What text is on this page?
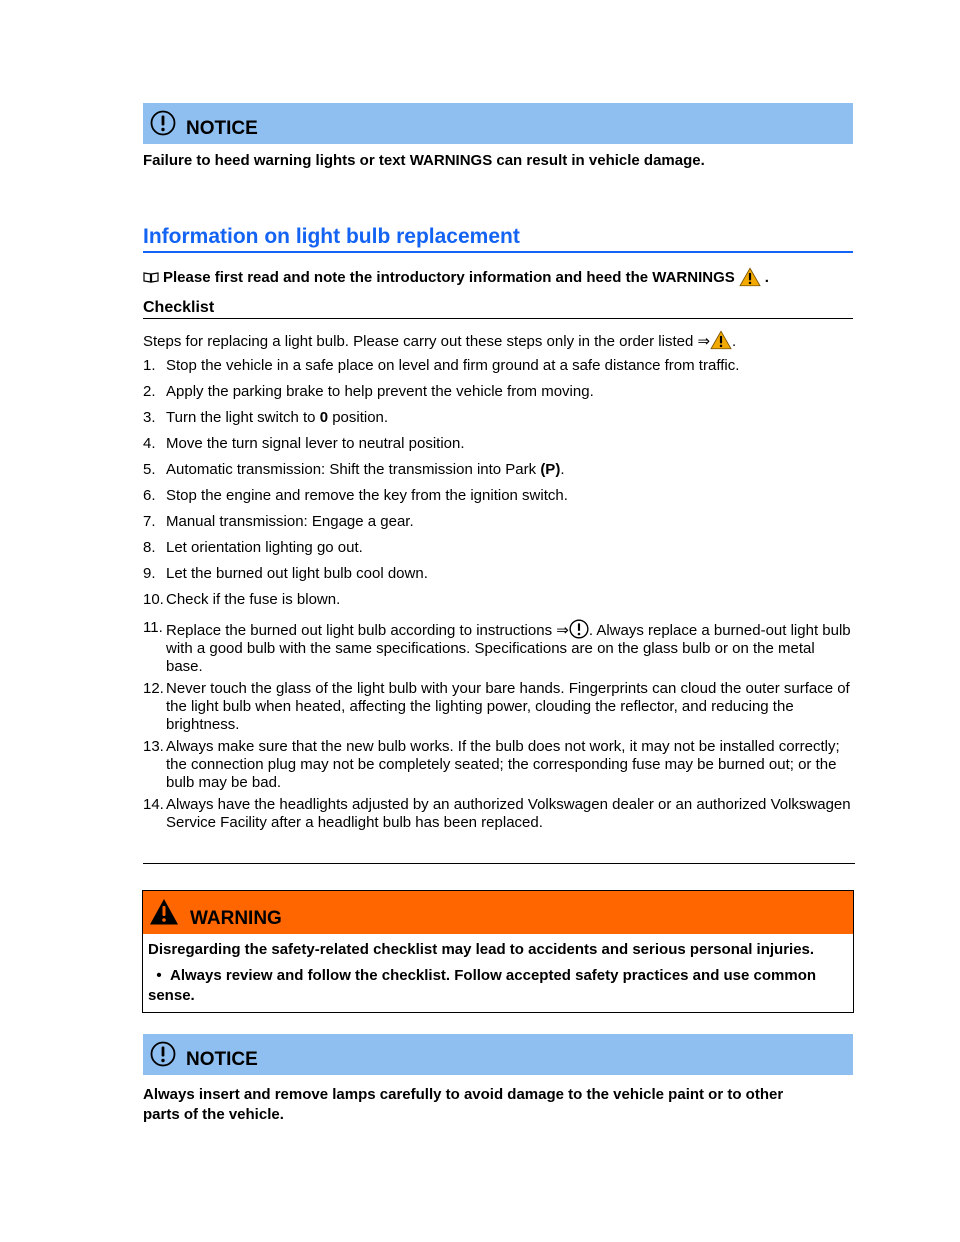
NOTICE
Failure to heed warning lights or text WARNINGS can result in vehicle damage.
Information on light bulb replacement
Please first read and note the introductory information and heed the WARNINGS .
Checklist
Steps for replacing a light bulb. Please carry out these steps only in the order listed ⇒ .
1. Stop the vehicle in a safe place on level and firm ground at a safe distance from traffic.
2. Apply the parking brake to help prevent the vehicle from moving.
3. Turn the light switch to 0 position.
4. Move the turn signal lever to neutral position.
5. Automatic transmission: Shift the transmission into Park (P).
6. Stop the engine and remove the key from the ignition switch.
7. Manual transmission: Engage a gear.
8. Let orientation lighting go out.
9. Let the burned out light bulb cool down.
10. Check if the fuse is blown.
11. Replace the burned out light bulb according to instructions ⇒ . Always replace a burned-out light bulb with a good bulb with the same specifications. Specifications are on the glass bulb or on the metal base.
12. Never touch the glass of the light bulb with your bare hands. Fingerprints can cloud the outer surface of the light bulb when heated, affecting the lighting power, clouding the reflector, and reducing the brightness.
13. Always make sure that the new bulb works. If the bulb does not work, it may not be installed correctly; the connection plug may not be completely seated; the corresponding fuse may be burned out; or the bulb may be bad.
14. Always have the headlights adjusted by an authorized Volkswagen dealer or an authorized Volkswagen Service Facility after a headlight bulb has been replaced.
WARNING
Disregarding the safety-related checklist may lead to accidents and serious personal injuries.
• Always review and follow the checklist. Follow accepted safety practices and use common sense.
NOTICE
Always insert and remove lamps carefully to avoid damage to the vehicle paint or to other parts of the vehicle.
